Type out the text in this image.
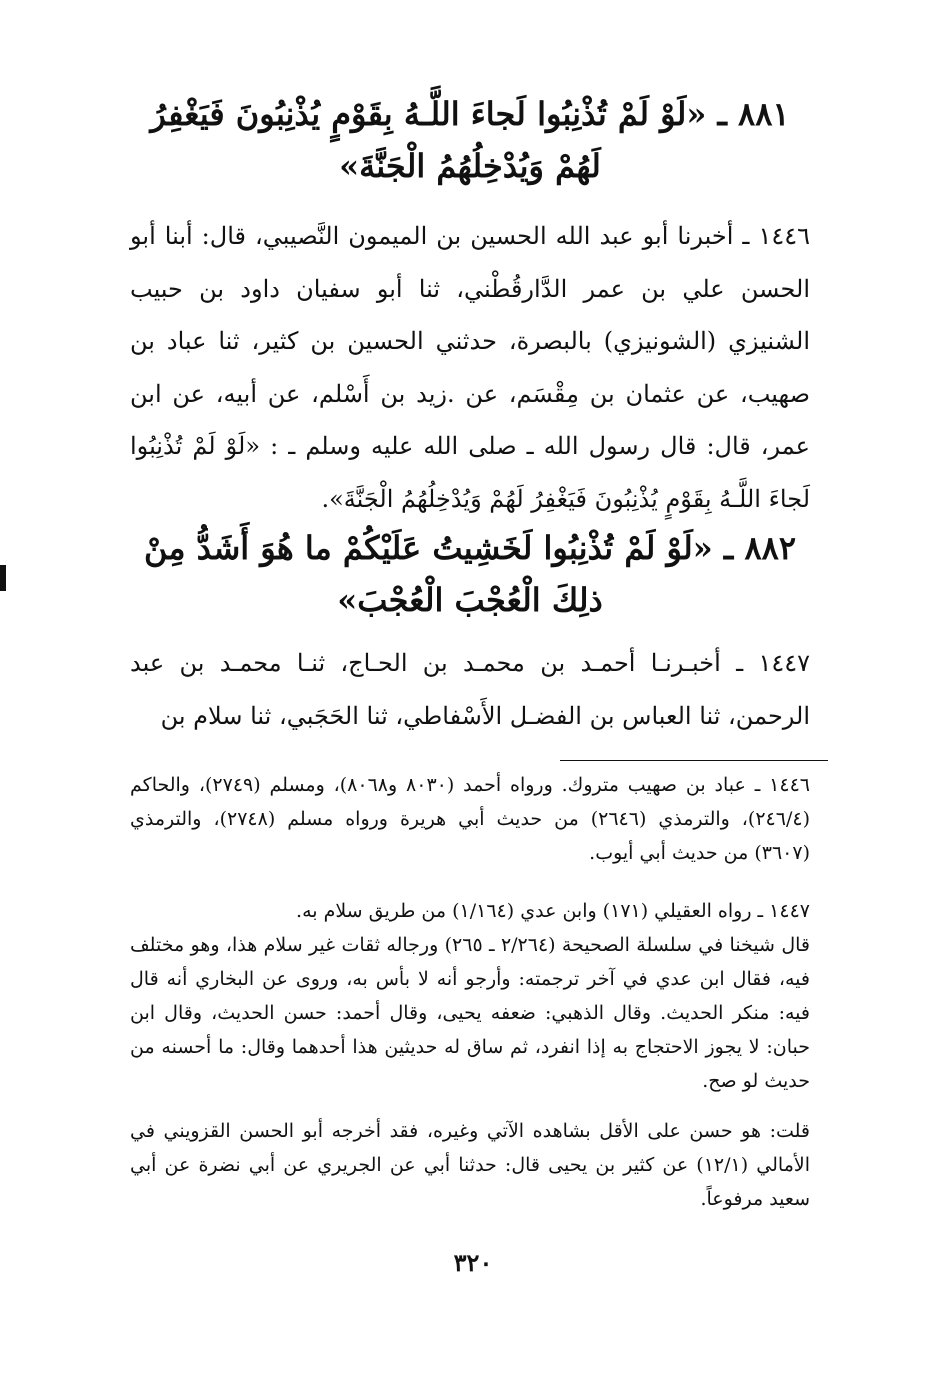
٨٨١ ـ «لَوْ لَمْ تُذْنِبُوا لَجاءَ اللَّـهُ بِقَوْمٍ يُذْنِبُونَ فَيَغْفِرُ لَهُمْ وَيُدْخِلُهُمُ الْجَنَّةَ»
١٤٤٦ ـ أخبرنا أبو عبد الله الحسين بن الميمون النَّصيبي، قال: أبنا أبو الحسن علي بن عمر الدَّارقُطْني، ثنا أبو سفيان داود بن حبيب الشنيزي (الشونيزي) بالبصرة، حدثني الحسين بن كثير، ثنا عباد بن صهيب، عن عثمان بن مِقْسَم، عن .زيد بن أَسْلم، عن أبيه، عن ابن عمر، قال: قال رسول الله ـ صلى الله عليه وسلم ـ : «لَوْ لَمْ تُذْنِبُوا لَجاءَ اللَّـهُ بِقَوْمٍ يُذْنِبُونَ فَيَغْفِرُ لَهُمْ وَيُدْخِلُهُمُ الْجَنَّةَ».
٨٨٢ ـ «لَوْ لَمْ تُذْنِبُوا لَخَشِيتُ عَلَيْكُمْ ما هُوَ أَشَدُّ مِنْ ذلِكَ الْعُجْبَ الْعُجْبَ»
١٤٤٧ ـ أخبـرنـا أحمـد بن محمـد بن الحـاج، ثنـا محمـد بن عبد الرحمن، ثنا العباس بن الفضـل الأَسْفاطي، ثنا الحَجَبي، ثنا سلام بن
١٤٤٦ ـ عباد بن صهيب متروك. ورواه أحمد (٨٠٣٠ و٨٠٦٨)، ومسلم (٢٧٤٩)، والحاكم (٢٤٦/٤)، والترمذي (٢٦٤٦) من حديث أبي هريرة ورواه مسلم (٢٧٤٨)، والترمذي (٣٦٠٧) من حديث أبي أيوب.
١٤٤٧ ـ رواه العقيلي (١٧١) وابن عدي (١/١٦٤) من طريق سلام به.
قال شيخنا في سلسلة الصحيحة (٢/٢٦٤ ـ ٢٦٥) ورجاله ثقات غير سلام هذا، وهو مختلف فيه، فقال ابن عدي في آخر ترجمته: وأرجو أنه لا بأس به، وروى عن البخاري أنه قال فيه: منكر الحديث. وقال الذهبي: ضعفه يحيى، وقال أحمد: حسن الحديث، وقال ابن حبان: لا يجوز الاحتجاج به إذا انفرد، ثم ساق له حديثين هذا أحدهما وقال: ما أحسنه من حديث لو صح.
قلت: هو حسن على الأقل بشاهده الآتي وغيره، فقد أخرجه أبو الحسن القزويني في الأمالي (١٢/١) عن كثير بن يحيى قال: حدثنا أبي عن الجريري عن أبي نضرة عن أبي سعيد مرفوعاً.
٣٢٠
